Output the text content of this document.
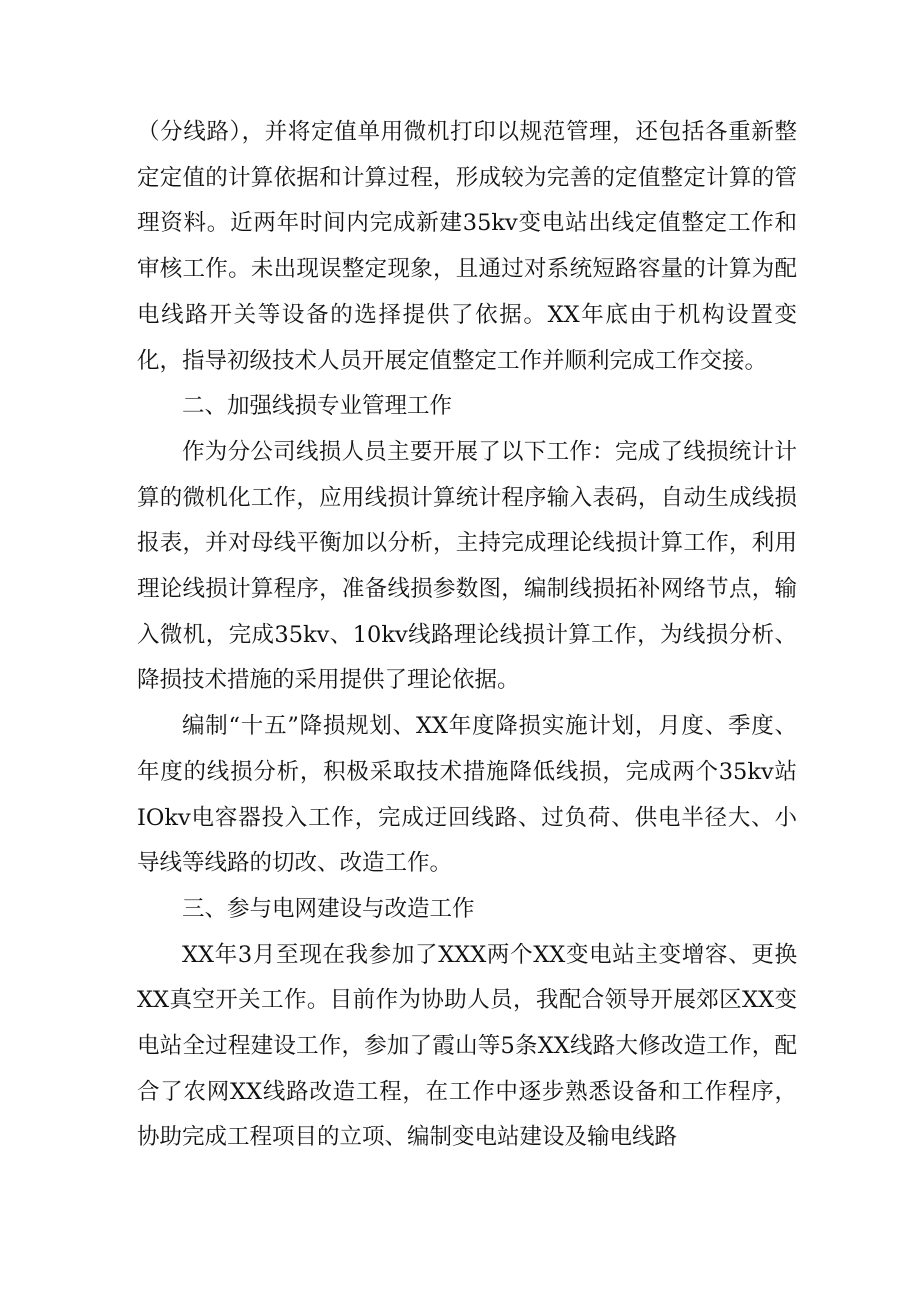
（分线路），并将定值单用微机打印以规范管理，还包括各重新整定定值的计算依据和计算过程，形成较为完善的定值整定计算的管理资料。近两年时间内完成新建35kv变电站出线定值整定工作和审核工作。未出现误整定现象，且通过对系统短路容量的计算为配电线路开关等设备的选择提供了依据。XX年底由于机构设置变化，指导初级技术人员开展定值整定工作并顺利完成工作交接。

二、加强线损专业管理工作

作为分公司线损人员主要开展了以下工作：完成了线损统计计算的微机化工作，应用线损计算统计程序输入表码，自动生成线损报表，并对母线平衡加以分析，主持完成理论线损计算工作，利用理论线损计算程序，准备线损参数图，编制线损拓补网络节点，输入微机，完成35kv、10kv线路理论线损计算工作，为线损分析、降损技术措施的采用提供了理论依据。

编制“十五”降损规划、XX年度降损实施计划，月度、季度、年度的线损分析，积极采取技术措施降低线损，完成两个35kv站IOkv电容器投入工作，完成迂回线路、过负荷、供电半径大、小导线等线路的切改、改造工作。

三、参与电网建设与改造工作

XX年3月至现在我参加了XXX两个XX变电站主变增容、更换XX真空开关工作。目前作为协助人员，我配合领导开展郊区XX变电站全过程建设工作，参加了霞山等5条XX线路大修改造工作，配合了农网XX线路改造工程，在工作中逐步熟悉设备和工作程序，协助完成工程项目的立项、编制变电站建设及输电线路
